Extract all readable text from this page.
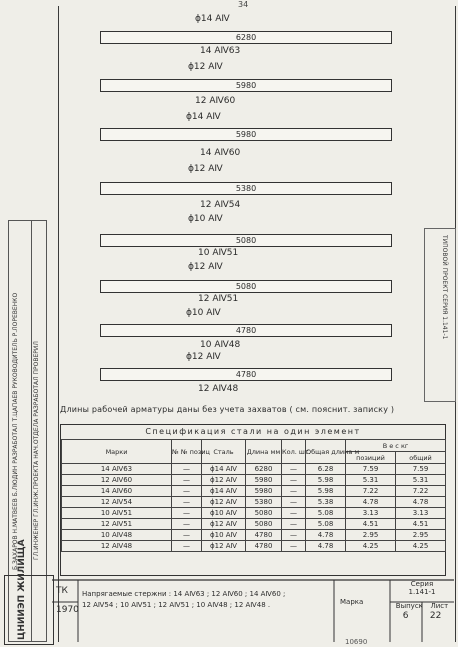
34
Б.ЗАХАРОВ Н.МАТВЕЕВ Б.ЛЮДИН РАЗРАБОТАЛ Т.ЦАПАЕВ РУКОВОДИТЕЛЬ Р.ЛОРЕВЕНКО ГЛ.ИНЖЕНЕР ГЛ.ИНЖ.ПРОЕКТА НАЧ.ОТДЕЛА РАЗРАБОТАЛ ПРОВЕРИЛ
ТИПОВОЙ ПРОЕКТ СЕРИЯ 1.141-1
ϕ14 АⅣ
6280
14 АⅣ63
ϕ12 АⅣ
5980
12 АⅣ60
ϕ14 АⅣ
5980
14 АⅣ60
ϕ12 АⅣ
5380
12 АⅣ54
ϕ10 АⅣ
5080
10 АⅣ51
ϕ12 АⅣ
5080
12 АⅣ51
ϕ10 АⅣ
4780
10 АⅣ48
ϕ12 АⅣ
4780
12 АⅣ48
Длины рабочей арматуры даны без учета захватов ( см. пояснит. записку )
Спецификация стали на один элемент
Марки	№ № позиц	Сталь	Длина мм	Кол. шт.	Общая длина м	В е с кг	
						позиций	общий
14 АⅣ63	—	ϕ14 АⅣ	6280	—	6.28	7.59	7.59
12 АⅣ60	—	ϕ12 АⅣ	5980	—	5.98	5.31	5.31
14 АⅣ60	—	ϕ14 АⅣ	5980	—	5.98	7.22	7.22
12 АⅣ54	—	ϕ12 АⅣ	5380	—	5.38	4.78	4.78
10 АⅣ51	—	ϕ10 АⅣ	5080	—	5.08	3.13	3.13
12 АⅣ51	—	ϕ12 АⅣ	5080	—	5.08	4.51	4.51
10 АⅣ48	—	ϕ10 АⅣ	4780	—	4.78	2.95	2.95
12 АⅣ48	—	ϕ12 АⅣ	4780	—	4.78	4.25	4.25
ЦНИИЭП ЖИЛИЩА	ТК
1970
Напрягаемые стержни : 14 АⅣ63 ; 12 АⅣ60 ; 14 АⅣ60 ;
12 АⅣ54 ; 10 АⅣ51 ; 12 АⅣ51 ; 10 АⅣ48 ; 12 АⅣ48 .	Марка
Серия
1.141-1
Выпуск Лист
6 22
10690
